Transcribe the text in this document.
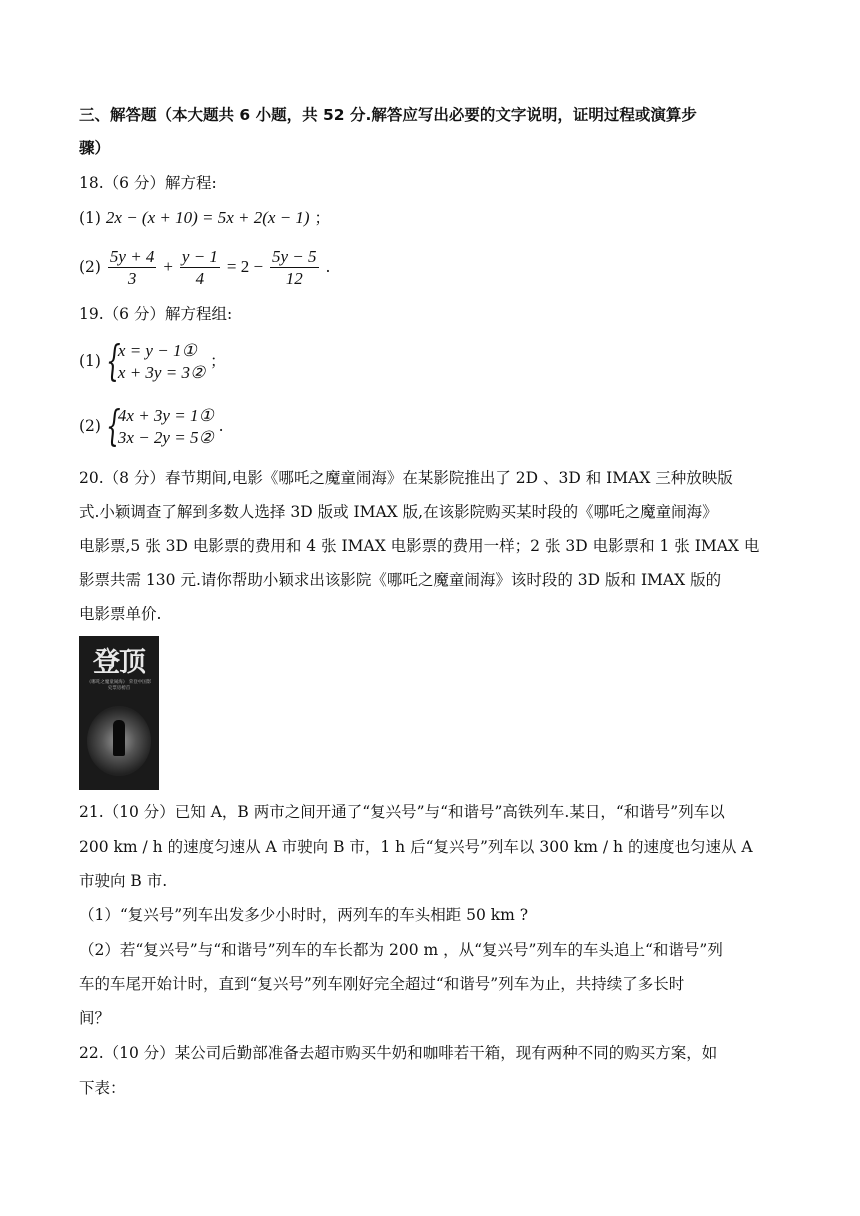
三、解答题（本大题共 6 小题，共 52 分.解答应写出必要的文字说明，证明过程或演算步
骤）
18.（6 分）解方程:
(1) 2x − (x + 10) = 5x + 2(x − 1) ；
$(2) \frac{5y + 4}{3} + \frac{y - 1}{4} = 2 - \frac{5y - 5}{12}$ .
19.（6 分）解方程组:
(1) {
x = y − 1①
x + 3y = 3②
；
(2) {
4x + 3y = 1①
3x − 2y = 5②
.
20.（8 分）春节期间,电影《哪吒之魔童闹海》在某影院推出了 2D 、3D 和 IMAX 三种放映版
式.小颖调查了解到多数人选择 3D 版或 IMAX 版,在该影院购买某时段的《哪吒之魔童闹海》
电影票,5 张 3D 电影票的费用和 4 张 IMAX 电影票的费用一样；2 张 3D 电影票和 1 张 IMAX 电
影票共需 130 元.请你帮助小颖求出该影院《哪吒之魔童闹海》该时段的 3D 版和 IMAX 版的
电影票单价.
登顶
《哪吒之魔童闹海》 荣登中国影史票房榜首
21.（10 分）已知 A，B 两市之间开通了“复兴号”与“和谐号”高铁列车.某日，“和谐号”列车以
200 km / h 的速度匀速从 A 市驶向 B 市，1 h 后“复兴号”列车以 300 km / h 的速度也匀速从 A
市驶向 B 市.
（1）“复兴号”列车出发多少小时时，两列车的车头相距 50 km ?
（2）若“复兴号”与“和谐号”列车的车长都为 200 m ，从“复兴号”列车的车头追上“和谐号”列
车的车尾开始计时，直到“复兴号”列车刚好完全超过“和谐号”列车为止，共持续了多长时
间？
22.（10 分）某公司后勤部准备去超市购买牛奶和咖啡若干箱，现有两种不同的购买方案，如
下表：
